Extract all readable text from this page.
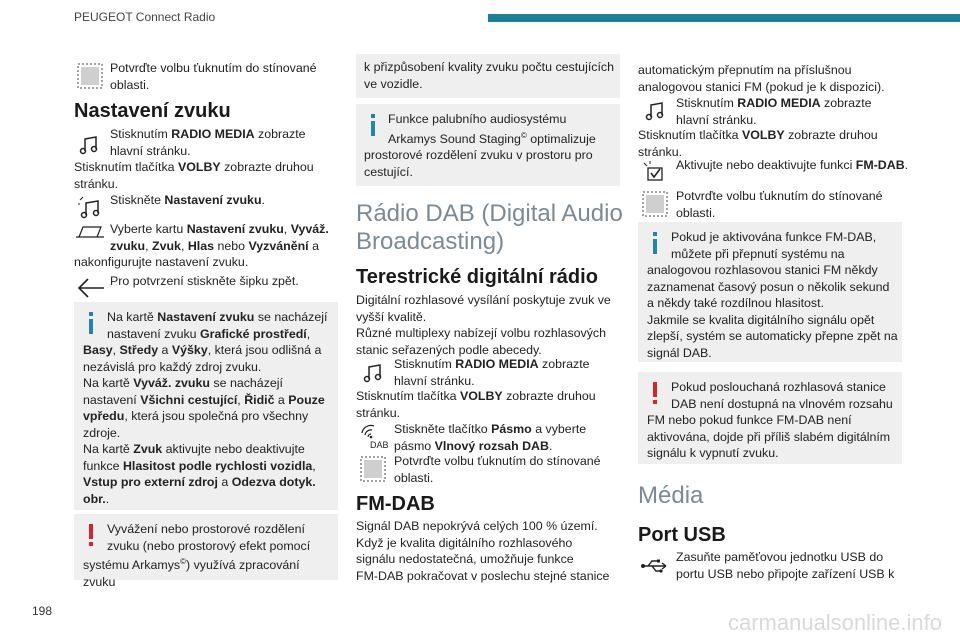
PEUGEOT Connect Radio
198	carmanualsonline.info
Potvrďte volbu ťuknutím do stínované
oblasti.
Nastavení zvuku
Stisknutím RADIO MEDIA zobrazte
hlavní stránku.
Stisknutím tlačítka VOLBY zobrazte druhou
stránku.
Stiskněte Nastavení zvuku.
Vyberte kartu Nastavení zvuku, Vyváž.
zvuku, Zvuk, Hlas nebo Vyzvánění a
nakonfigurujte nastavení zvuku.
Pro potvrzení stiskněte šipku zpět.
Na kartě Nastavení zvuku se nacházejí
nastavení zvuku Grafické prostředí,
Basy, Středy a Výšky, která jsou odlišná a
nezávislá pro každý zdroj zvuku.
Na kartě Vyváž. zvuku se nacházejí
nastavení Všichni cestující, Řidič a Pouze
vpředu, která jsou společná pro všechny
zdroje.
Na kartě Zvuk aktivujte nebo deaktivujte
funkce Hlasitost podle rychlosti vozidla,
Vstup pro externí zdroj a Odezva dotyk.
obr..
Vyvážení nebo prostorové rozdělení
zvuku (nebo prostorový efekt pomocí
systému Arkamys©) využívá zpracování zvuku
k přizpůsobení kvality zvuku počtu cestujících
ve vozidle.
Funkce palubního audiosystému
Arkamys Sound Staging© optimalizuje
prostorové rozdělení zvuku v prostoru pro
cestující.
Rádio DAB (Digital Audio
Broadcasting)
Terestrické digitální rádio
Digitální rozhlasové vysílání poskytuje zvuk ve
vyšší kvalitě.
Různé multiplexy nabízejí volbu rozhlasových
stanic seřazených podle abecedy.
Stisknutím RADIO MEDIA zobrazte
hlavní stránku.
Stisknutím tlačítka VOLBY zobrazte druhou
stránku.
DAB
Stiskněte tlačítko Pásmo a vyberte
pásmo Vlnový rozsah DAB.
Potvrďte volbu ťuknutím do stínované
oblasti.
FM-DAB
Signál DAB nepokrývá celých 100 % území.
Když je kvalita digitálního rozhlasového
signálu nedostatečná, umožňuje funkce
FM-DAB pokračovat v poslechu stejné stanice
automatickým přepnutím na příslušnou
analogovou stanici FM (pokud je k dispozici).
Stisknutím RADIO MEDIA zobrazte
hlavní stránku.
Stisknutím tlačítka VOLBY zobrazte druhou
stránku.
Aktivujte nebo deaktivujte funkci FM-DAB.
Potvrďte volbu ťuknutím do stínované
oblasti.
Pokud je aktivována funkce FM-DAB,
můžete při přepnutí systému na
analogovou rozhlasovou stanici FM někdy
zaznamenat časový posun o několik sekund
a někdy také rozdílnou hlasitost.
Jakmile se kvalita digitálního signálu opět
zlepší, systém se automaticky přepne zpět na
signál DAB.
Pokud poslouchaná rozhlasová stanice
DAB není dostupná na vlnovém rozsahu
FM nebo pokud funkce FM-DAB není
aktivována, dojde při příliš slabém digitálním
signálu k vypnutí zvuku.
Média
Port USB
Zasuňte paměťovou jednotku USB do
portu USB nebo připojte zařízení USB k
